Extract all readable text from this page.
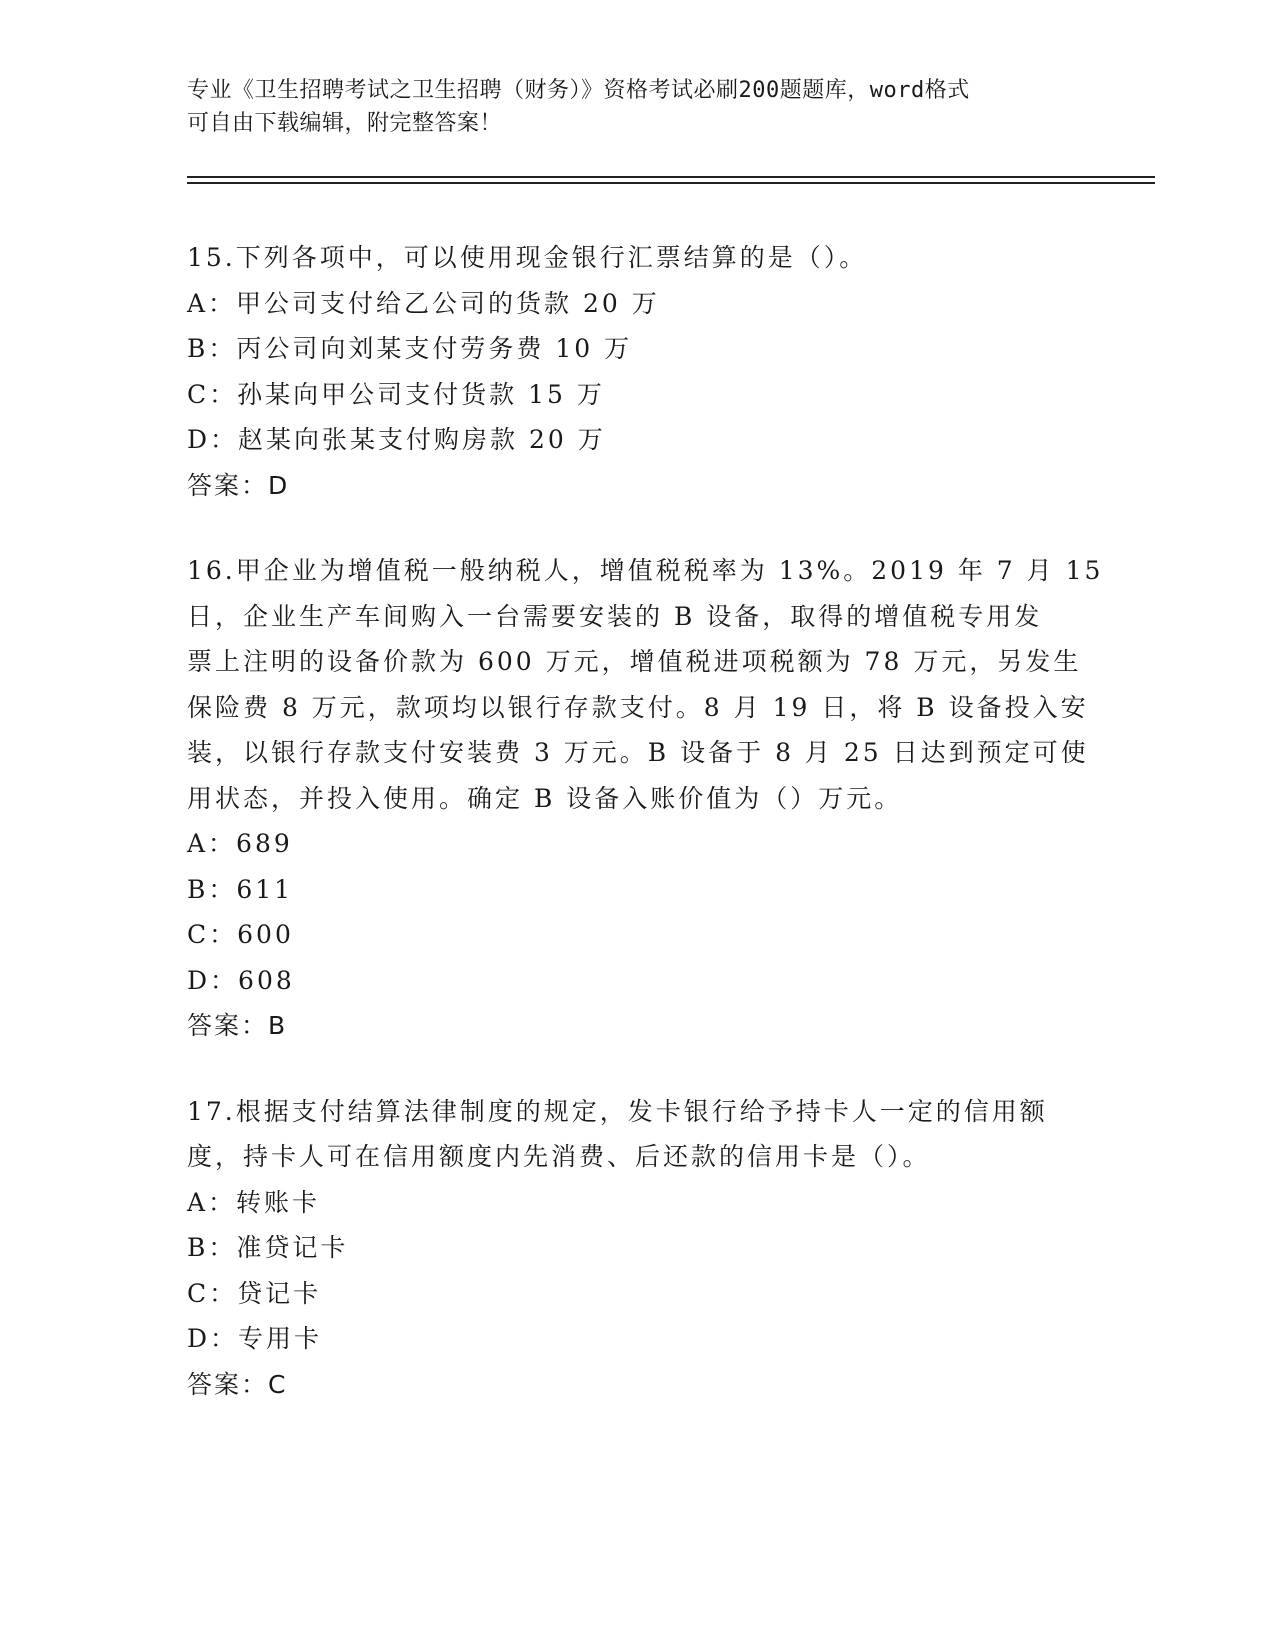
专业《卫生招聘考试之卫生招聘（财务）》资格考试必刷200题题库，word格式
可自由下载编辑，附完整答案！
15.下列各项中，可以使用现金银行汇票结算的是（）。
A：甲公司支付给乙公司的货款 20 万
B：丙公司向刘某支付劳务费 10 万
C：孙某向甲公司支付货款 15 万
D：赵某向张某支付购房款 20 万
答案：D
16.甲企业为增值税一般纳税人，增值税税率为 13%。2019 年 7 月 15
日，企业生产车间购入一台需要安装的 B 设备，取得的增值税专用发
票上注明的设备价款为 600 万元，增值税进项税额为 78 万元，另发生
保险费 8 万元，款项均以银行存款支付。8 月 19 日，将 B 设备投入安
装，以银行存款支付安装费 3 万元。B 设备于 8 月 25 日达到预定可使
用状态，并投入使用。确定 B 设备入账价值为（）万元。
A：689
B：611
C：600
D：608
答案：B
17.根据支付结算法律制度的规定，发卡银行给予持卡人一定的信用额
度，持卡人可在信用额度内先消费、后还款的信用卡是（）。
A：转账卡
B：准贷记卡
C：贷记卡
D：专用卡
答案：C
